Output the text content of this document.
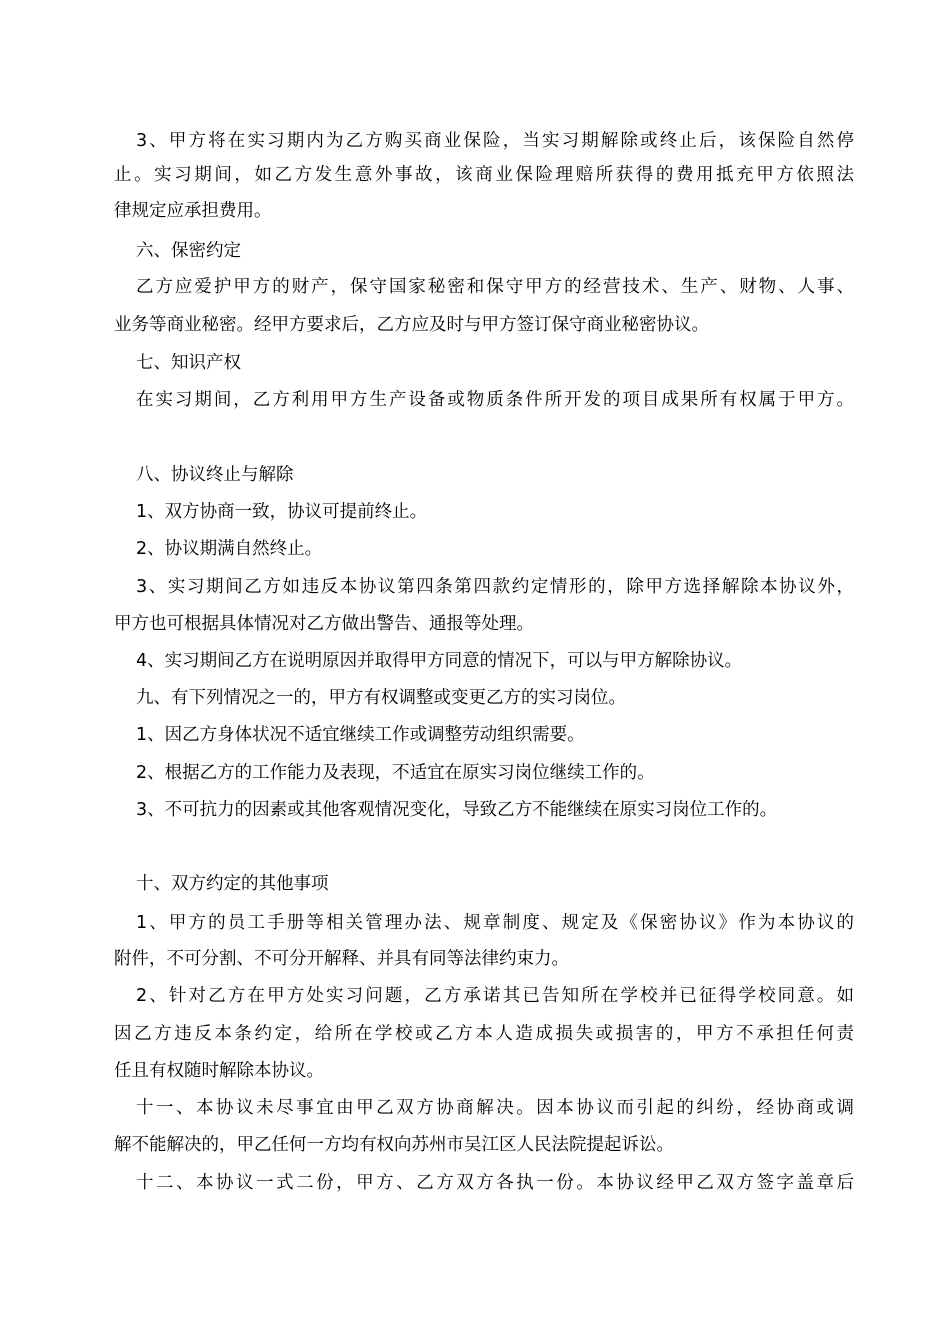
3、甲方将在实习期内为乙方购买商业保险，当实习期解除或终止后，该保险自然停
止。实习期间，如乙方发生意外事故，该商业保险理赔所获得的费用抵充甲方依照法
律规定应承担费用。
六、保密约定
乙方应爱护甲方的财产，保守国家秘密和保守甲方的经营技术、生产、财物、人事、
业务等商业秘密。经甲方要求后，乙方应及时与甲方签订保守商业秘密协议。
七、知识产权
在实习期间，乙方利用甲方生产设备或物质条件所开发的项目成果所有权属于甲方。
八、协议终止与解除
1、双方协商一致，协议可提前终止。
2、协议期满自然终止。
3、实习期间乙方如违反本协议第四条第四款约定情形的，除甲方选择解除本协议外，
甲方也可根据具体情况对乙方做出警告、通报等处理。
4、实习期间乙方在说明原因并取得甲方同意的情况下，可以与甲方解除协议。
九、有下列情况之一的，甲方有权调整或变更乙方的实习岗位。
1、因乙方身体状况不适宜继续工作或调整劳动组织需要。
2、根据乙方的工作能力及表现，不适宜在原实习岗位继续工作的。
3、不可抗力的因素或其他客观情况变化，导致乙方不能继续在原实习岗位工作的。
十、双方约定的其他事项
1、甲方的员工手册等相关管理办法、规章制度、规定及《保密协议》作为本协议的
附件，不可分割、不可分开解释、并具有同等法律约束力。
2、针对乙方在甲方处实习问题，乙方承诺其已告知所在学校并已征得学校同意。如
因乙方违反本条约定，给所在学校或乙方本人造成损失或损害的，甲方不承担任何责
任且有权随时解除本协议。
十一、本协议未尽事宜由甲乙双方协商解决。因本协议而引起的纠纷，经协商或调
解不能解决的，甲乙任何一方均有权向苏州市吴江区人民法院提起诉讼。
十二、本协议一式二份，甲方、乙方双方各执一份。本协议经甲乙双方签字盖章后
